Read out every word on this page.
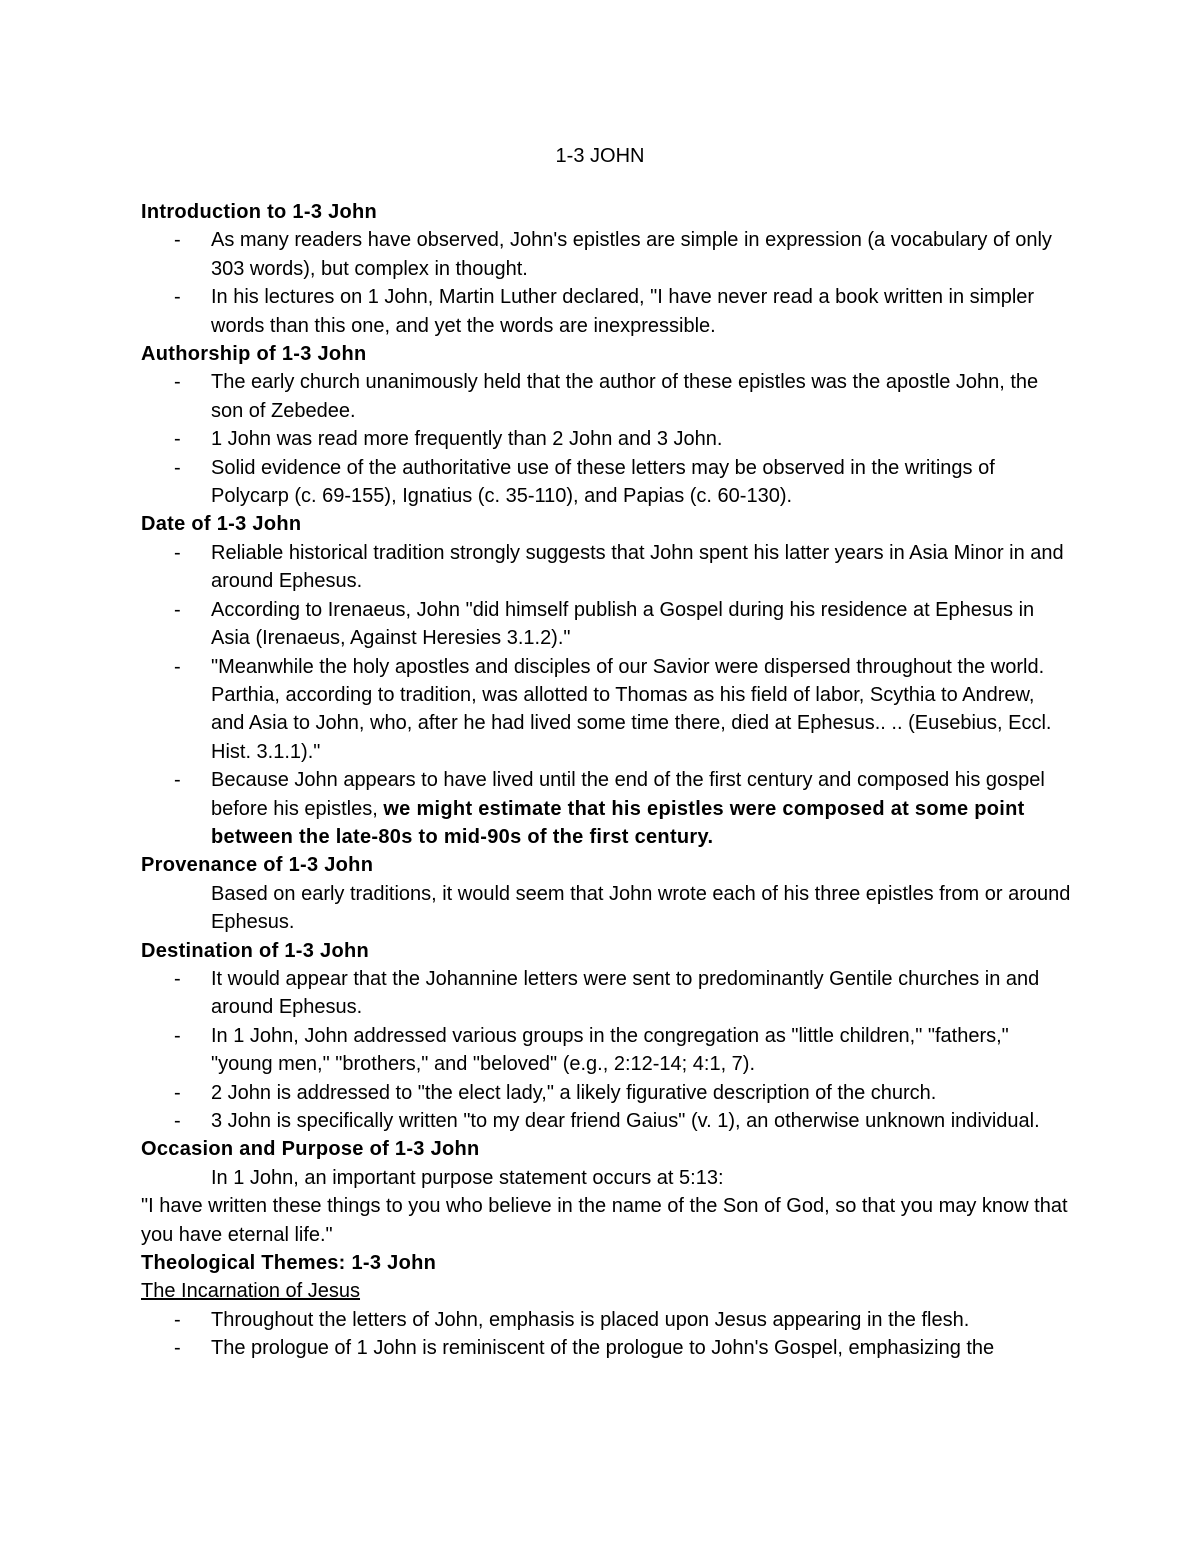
1-3 JOHN
Introduction to 1-3 John
- As many readers have observed, John's epistles are simple in expression (a vocabulary of only 303 words), but complex in thought.
- In his lectures on 1 John, Martin Luther declared, "I have never read a book written in simpler words than this one, and yet the words are inexpressible.
Authorship of 1-3 John
- The early church unanimously held that the author of these epistles was the apostle John, the son of Zebedee.
- 1 John was read more frequently than 2 John and 3 John.
- Solid evidence of the authoritative use of these letters may be observed in the writings of Polycarp (c. 69-155), Ignatius (c. 35-110), and Papias (c. 60-130).
Date of 1-3 John
- Reliable historical tradition strongly suggests that John spent his latter years in Asia Minor in and around Ephesus.
- According to Irenaeus, John "did himself publish a Gospel during his residence at Ephesus in Asia (Irenaeus, Against Heresies 3.1.2)."
- "Meanwhile the holy apostles and disciples of our Savior were dispersed throughout the world. Parthia, according to tradition, was allotted to Thomas as his field of labor, Scythia to Andrew, and Asia to John, who, after he had lived some time there, died at Ephesus.. .. (Eusebius, Eccl. Hist. 3.1.1)."
- Because John appears to have lived until the end of the first century and composed his gospel before his epistles, we might estimate that his epistles were composed at some point between the late-80s to mid-90s of the first century.
Provenance of 1-3 John
Based on early traditions, it would seem that John wrote each of his three epistles from or around Ephesus.
Destination of 1-3 John
- It would appear that the Johannine letters were sent to predominantly Gentile churches in and around Ephesus.
- In 1 John, John addressed various groups in the congregation as "little children," "fathers," "young men," "brothers," and "beloved" (e.g., 2:12-14; 4:1, 7).
- 2 John is addressed to "the elect lady," a likely figurative description of the church.
- 3 John is specifically written "to my dear friend Gaius" (v. 1), an otherwise unknown individual.
Occasion and Purpose of 1-3 John
In 1 John, an important purpose statement occurs at 5:13:
"I have written these things to you who believe in the name of the Son of God, so that you may know that you have eternal life."
Theological Themes: 1-3 John
The Incarnation of Jesus
- Throughout the letters of John, emphasis is placed upon Jesus appearing in the flesh.
- The prologue of 1 John is reminiscent of the prologue to John's Gospel, emphasizing the
